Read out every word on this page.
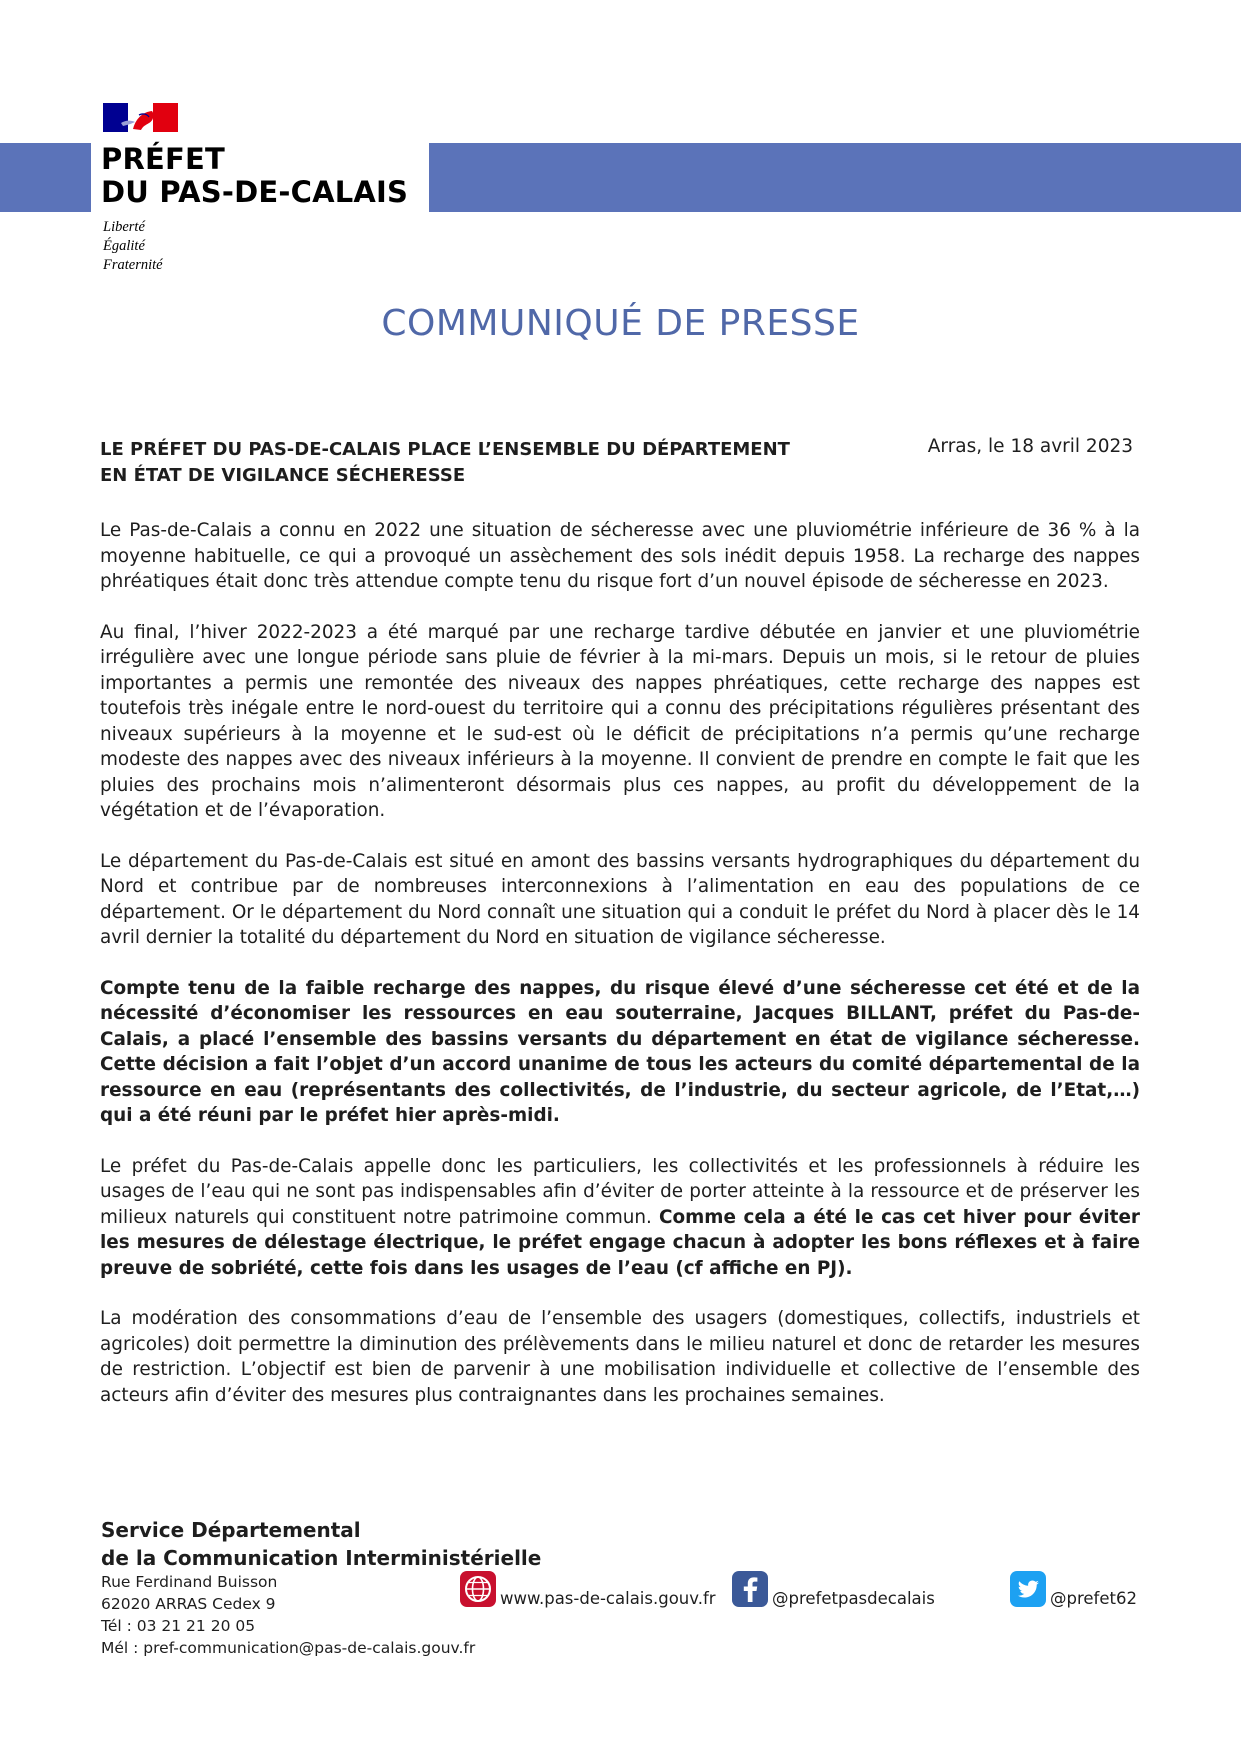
PRÉFET
DU PAS-DE-CALAIS
Liberté
Égalité
Fraternité
COMMUNIQUÉ DE PRESSE
LE PRÉFET DU PAS-DE-CALAIS PLACE L’ENSEMBLE DU DÉPARTEMENT
EN ÉTAT DE VIGILANCE SÉCHERESSE
Arras, le 18 avril 2023

Le Pas-de-Calais a connu en 2022 une situation de sécheresse avec une pluviométrie inférieure de 36 % à la moyenne habituelle, ce qui a provoqué un assèchement des sols inédit depuis 1958. La recharge des nappes phréatiques était donc très attendue compte tenu du risque fort d’un nouvel épisode de sécheresse en 2023.

Au final, l’hiver 2022-2023 a été marqué par une recharge tardive débutée en janvier et une pluviométrie irrégulière avec une longue période sans pluie de février à la mi-mars. Depuis un mois, si le retour de pluies importantes a permis une remontée des niveaux des nappes phréatiques, cette recharge des nappes est toutefois très inégale entre le nord-ouest du territoire qui a connu des précipitations régulières présentant des niveaux supérieurs à la moyenne et le sud-est où le déficit de précipitations n’a permis qu’une recharge modeste des nappes avec des niveaux inférieurs à la moyenne. Il convient de prendre en compte le fait que les pluies des prochains mois n’alimenteront désormais plus ces nappes, au profit du développement de la végétation et de l’évaporation.

Le département du Pas-de-Calais est situé en amont des bassins versants hydrographiques du département du Nord et contribue par de nombreuses interconnexions à l’alimentation en eau des populations de ce département. Or le département du Nord connaît une situation qui a conduit le préfet du Nord à placer dès le 14 avril dernier la totalité du département du Nord en situation de vigilance sécheresse.

Compte tenu de la faible recharge des nappes, du risque élevé d’une sécheresse cet été et de la nécessité d’économiser les ressources en eau souterraine, Jacques BILLANT, préfet du Pas-de-Calais, a placé l’ensemble des bassins versants du département en état de vigilance sécheresse. Cette décision a fait l’objet d’un accord unanime de tous les acteurs du comité départemental de la ressource en eau (représentants des collectivités, de l’industrie, du secteur agricole, de l’Etat,…) qui a été réuni par le préfet hier après-midi.

Le préfet du Pas-de-Calais appelle donc les particuliers, les collectivités et les professionnels à réduire les usages de l’eau qui ne sont pas indispensables afin d’éviter de porter atteinte à la ressource et de préserver les milieux naturels qui constituent notre patrimoine commun. Comme cela a été le cas cet hiver pour éviter les mesures de délestage électrique, le préfet engage chacun à adopter les bons réflexes et à faire preuve de sobriété, cette fois dans les usages de l’eau (cf affiche en PJ).

La modération des consommations d’eau de l’ensemble des usagers (domestiques, collectifs, industriels et agricoles) doit permettre la diminution des prélèvements dans le milieu naturel et donc de retarder les mesures de restriction. L’objectif est bien de parvenir à une mobilisation individuelle et collective de l’ensemble des acteurs afin d’éviter des mesures plus contraignantes dans les prochaines semaines.

Service Départemental
de la Communication Interministérielle
Rue Ferdinand Buisson
62020 ARRAS Cedex 9
Tél : 03 21 21 20 05
Mél : pref-communication@pas-de-calais.gouv.fr
www.pas-de-calais.gouv.fr	@prefetpasdecalais	@prefet62
